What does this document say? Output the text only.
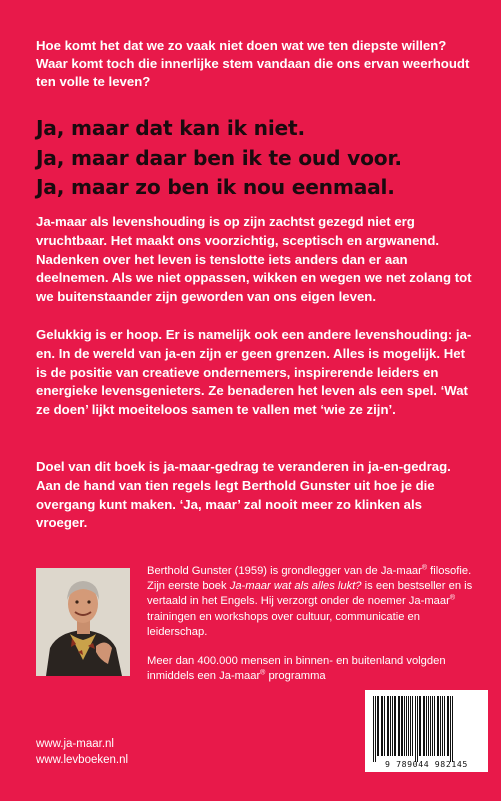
Hoe komt het dat we zo vaak niet doen wat we ten diepste willen? Waar komt toch die innerlijke stem vandaan die ons ervan weerhoudt ten volle te leven?

Ja, maar dat kan ik niet.
Ja, maar daar ben ik te oud voor.
Ja, maar zo ben ik nou eenmaal.

Ja-maar als levenshouding is op zijn zachtst gezegd niet erg vruchtbaar. Het maakt ons voorzichtig, sceptisch en argwanend. Nadenken over het leven is tenslotte iets anders dan er aan deelnemen. Als we niet oppassen, wikken en wegen we net zolang tot we buitenstaander zijn geworden van ons eigen leven.

Gelukkig is er hoop. Er is namelijk ook een andere levenshouding: ja-en. In de wereld van ja-en zijn er geen grenzen. Alles is mogelijk. Het is de positie van creatieve ondernemers, inspirerende leiders en energieke levensgenieters. Ze benaderen het leven als een spel. ‘Wat ze doen’ lijkt moeiteloos samen te vallen met ‘wie ze zijn’.

Doel van dit boek is ja-maar-gedrag te veranderen in ja-en-gedrag. Aan de hand van tien regels legt Berthold Gunster uit hoe je die overgang kunt maken. ‘Ja, maar’ zal nooit meer zo klinken als vroeger.

Berthold Gunster (1959) is grondlegger van de Ja-maar® filosofie. Zijn eerste boek Ja-maar wat als alles lukt? is een bestseller en is vertaald in het Engels. Hij verzorgt onder de noemer Ja-maar® trainingen en workshops over cultuur, communicatie en leiderschap.

Meer dan 400.000 mensen in binnen- en buitenland volgden inmiddels een Ja-maar® programma

9 789044 982145
www.ja-maar.nl
www.levboeken.nl
